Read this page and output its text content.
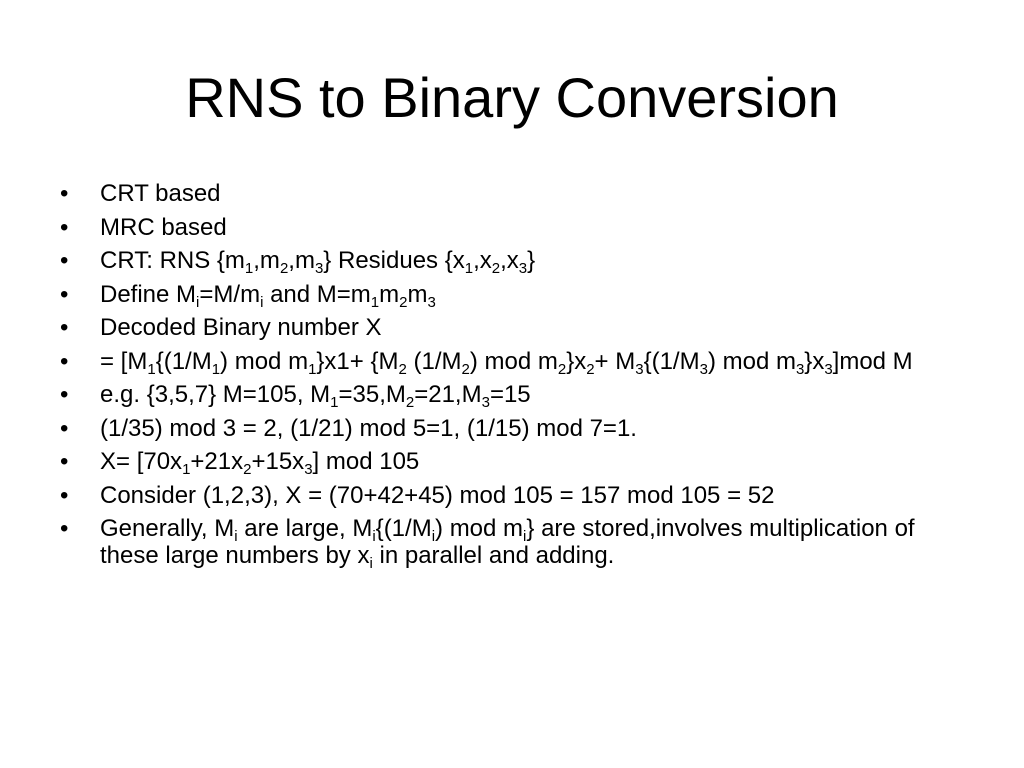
RNS to Binary Conversion
•	CRT based
•	MRC based
•	CRT: RNS $\{m_1,m_2,m_3\}$ Residues $\{x_1,x_2,x_3\}$
•	Define $M_i=M/m_i$ and $M=m_1m_2m_3$
•	Decoded Binary number X
•	= [$M_1\{(1/M_1)$ mod $m_1\}x1+ \{M_2$ $(1/M_2)$ mod $m_2\}x_2+ M_3\{(1/M_3)$ mod $m_3\}x_3]mod$ M
•	e.g. {3,5,7} M=105, $M_1=35,M_2=21,M_3=15$
•	(1/35) mod 3 = 2, (1/21) mod 5=1, (1/15) mod 7=1.
•	$X= [70x_1+21x_2+15x_3]$ mod 105
•	Consider (1,2,3), X = (70+42+45) mod 105 = 157 mod 105 = 52
•	Generally, $M_i$ are large, $M_i\{(1/M_i)$ mod $m_i$} are stored,involves multiplication of these large numbers by $x_i$ in parallel and adding.
